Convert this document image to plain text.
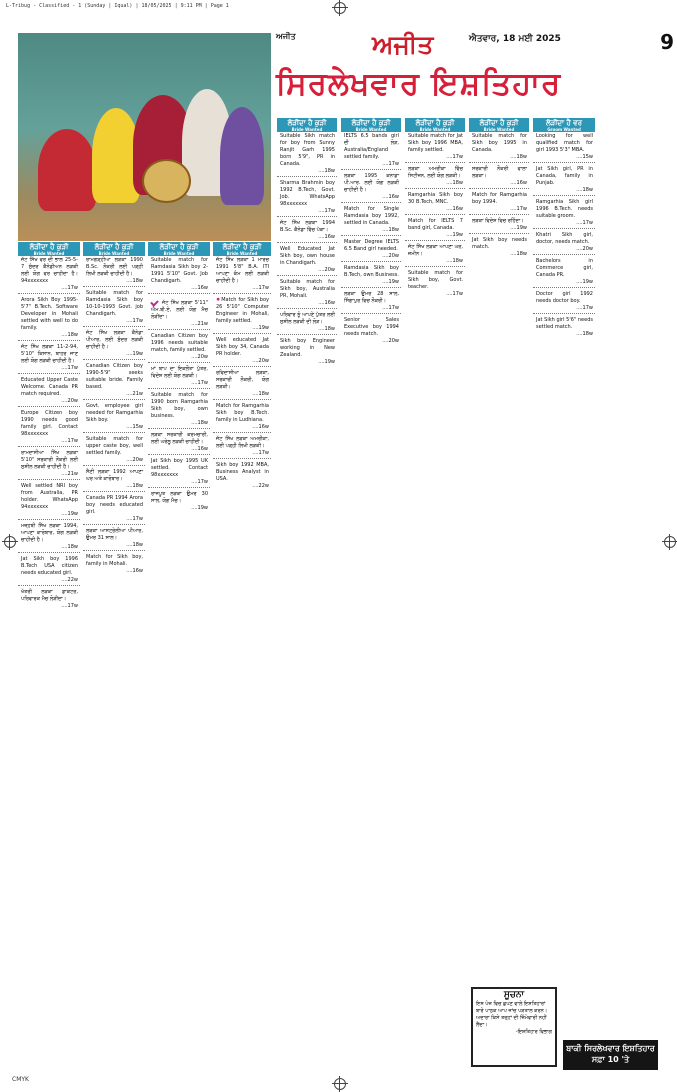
L-Tribug - Classified - 1 (Sunday | Iqual) | 18/05/2025 | 9:11 PM | Page 1
ਅਜੀਤ	ਅਜੀਤ	ਐਤਵਾਰ, 18 ਮਈ 2025	9
ਸਿਰਲੇਖਵਾਰ ਇਸ਼ਤਿਹਾਰ
ਲੋੜੀਂਦਾ ਹੈ ਕੁੜੀ
Bride Wanted
ਜੱਟ ਸਿੱਖ ਵਰ ਦੀ ਭਾਲ 25-5-7 ਸੁੰਦਰ ਕੈਨੇਡੀਅਨ ਲੜਕੀ ਲਈ ਯੋਗ ਵਰ ਚਾਹੀਦਾ ਹੈ। 94xxxxxxx
....17w
Arora Sikh Boy 1995-5'7" B.Tech. Software Developer in Mohali settled with well to do family.
....18w
ਜੱਟ ਸਿੱਖ ਲੜਕਾ 11-2-94, 5'10" ਕਿਸਾਨ, ਬਾਹਰ ਜਾਣ ਲਈ ਯੋਗ ਲੜਕੀ ਚਾਹੀਦੀ ਹੈ।
....17w
Educated Upper Caste Welcome. Canada PR match required.
....20w
Europe Citizen boy 1990 needs good family girl. Contact 98xxxxxxx
....17w
ਰਾਮਦਾਸੀਆ ਸਿੱਖ ਲੜਕਾ 5'10" ਸਰਕਾਰੀ ਨੌਕਰੀ ਲਈ ਸੁਸ਼ੀਲ ਲੜਕੀ ਚਾਹੀਦੀ ਹੈ।
....21w
Well settled NRI boy from Australia, PR holder. WhatsApp 94xxxxxxx
....19w
ਮਜ਼੍ਹਬੀ ਸਿੱਖ ਲੜਕਾ 1994, ਆਪਣਾ ਕਾਰੋਬਾਰ, ਯੋਗ ਲੜਕੀ ਚਾਹੀਦੀ ਹੈ।
....18w
Jat Sikh boy 1996 B.Tech USA citizen needs educated girl.
....22w
ਖੱਤਰੀ ਲੜਕਾ ਡਾਕਟਰ, ਪਰਿਵਾਰਕ ਮੈਚ ਲੋੜੀਂਦਾ।
....17w
ਲੋੜੀਂਦਾ ਹੈ ਕੁੜੀ
Bride Wanted
ਰਾਮਗੜ੍ਹੀਆ ਲੜਕਾ 1990 B.Sc. ਨੌਕਰੀ ਲਈ ਪੜ੍ਹੀ ਲਿਖੀ ਲੜਕੀ ਚਾਹੀਦੀ ਹੈ।
....18w
Suitable match for Ramdasia Sikh boy 10-10-1993 Govt. job Chandigarh.
....17w
ਜੱਟ ਸਿੱਖ ਲੜਕਾ ਕੈਨੇਡਾ ਪੀਆਰ, ਲਈ ਸੁੰਦਰ ਲੜਕੀ ਚਾਹੀਦੀ ਹੈ।
....19w
Canadian Citizen boy 1990-5'9" seeks suitable bride. Family based.
....21w
Govt. employee girl needed for Ramgarhia Sikh boy.
....15w
Suitable match for upper caste boy, well settled family.
....20w
ਸੈਣੀ ਲੜਕਾ 1992 ਆਪਣਾ ਘਰ ਅਤੇ ਕਾਰੋਬਾਰ।
....18w
Canada PR 1994 Arora boy needs educated girl.
....17w
ਲੜਕਾ ਆਸਟ੍ਰੇਲੀਆ ਪੀਆਰ, ਉਮਰ 31 ਸਾਲ।
....18w
Match for Sikh boy, family in Mohali.
....16w
ਲੋੜੀਂਦਾ ਹੈ ਕੁੜੀ
Bride Wanted
Suitable match for Ramdasia Sikh boy 2-1991 5'10" Govt. Job Chandigarh.
....16w
ਜੱਟ ਸਿੱਖ ਲੜਕਾ 5'11" ਐਮ.ਬੀ.ਏ, ਲਈ ਯੋਗ ਮੈਚ ਲੋੜੀਂਦਾ।
....21w
Canadian Citizen boy 1996 needs suitable match, family settled.
....20w
ਮਾਂ ਬਾਪ ਦਾ ਇਕਲੌਤਾ ਪੁੱਤਰ, ਵਿਦੇਸ਼ ਲਈ ਯੋਗ ਲੜਕੀ।
....17w
Suitable match for 1990 born Ramgarhia Sikh boy, own business.
....18w
ਲੜਕਾ ਸਰਕਾਰੀ ਕਰਮਚਾਰੀ, ਲਈ ਘਰੇਲੂ ਲੜਕੀ ਚਾਹੀਦੀ।
....16w
Jat Sikh boy 1995 UK settled. Contact 98xxxxxxx
....17w
ਰਾਜਪੂਤ ਲੜਕਾ ਉਮਰ 30 ਸਾਲ, ਯੋਗ ਮੈਚ।
....19w
ਲੋੜੀਂਦਾ ਹੈ ਕੁੜੀ
Bride Wanted
ਜੱਟ ਸਿੱਖ ਲੜਕਾ 1 ਮਾਰਚ 1991 5'8" B.A. ITI ਆਪਣਾ ਕੰਮ ਲਈ ਲੜਕੀ ਚਾਹੀਦੀ ਹੈ।
....17w
✸Match for Sikh boy 26 5'10" Computer Engineer in Mohali, family settled.
....19w
Well educated Jat Sikh boy 34, Canada PR holder.
....20w
ਰਵਿਦਾਸੀਆ ਲੜਕਾ, ਸਰਕਾਰੀ ਨੌਕਰੀ, ਯੋਗ ਲੜਕੀ।
....18w
Match for Ramgarhia Sikh boy B.Tech. family in Ludhiana.
....16w
ਜੱਟ ਸਿੱਖ ਲੜਕਾ ਅਮਰੀਕਾ, ਲਈ ਪੜ੍ਹੀ ਲਿਖੀ ਲੜਕੀ।
....17w
Sikh boy 1992 MBA, Business Analyst in USA.
....22w
ਲੋੜੀਂਦਾ ਹੈ ਕੁੜੀ
Bride Wanted
Suitable Sikh match for boy from Sunny Ranjit Garh 1995 born 5'9", PR in Canada.
....18w
Sharma Brahmin boy 1992 B.Tech, Govt. Job. WhatsApp 98xxxxxxx
....17w
ਜੱਟ ਸਿੱਖ ਲੜਕਾ 1994 B.Sc. ਕੈਨੇਡਾ ਵਿੱਚ ਪੱਕਾ।
....16w
Well Educated Jat Sikh boy, own house in Chandigarh.
....20w
Suitable match for Sikh boy, Australia PR, Mohali.
....16w
ਪਰਿਵਾਰ ਨੂੰ ਆਪਣੇ ਪੁੱਤਰ ਲਈ ਸੁਸ਼ੀਲ ਲੜਕੀ ਦੀ ਲੋੜ।
....18w
Sikh boy Engineer working in New Zealand.
....19w
ਲੋੜੀਂਦਾ ਹੈ ਕੁੜੀ
Bride Wanted
IELTS 6.5 bands girl ਦੀ ਲੋੜ, Australia/England settled family.
....17w
ਲੜਕਾ 1995 ਕਨਾਡਾ ਪੀ.ਆਰ. ਲਈ ਯੋਗ ਲੜਕੀ ਚਾਹੀਦੀ ਹੈ।
....16w
Match for Single Ramdasia boy 1992, settled in Canada.
....18w
Master Degree IELTS 6.5 Band girl needed.
....20w
Ramdasia Sikh boy B.Tech, own Business.
....19w
ਲੜਕਾ ਉਮਰ 28 ਸਾਲ, ਸਿੰਗਾਪੁਰ ਵਿਚ ਨੌਕਰੀ।
....17w
Senior Sales Executive boy 1994 needs match.
....20w
ਲੋੜੀਂਦਾ ਹੈ ਕੁੜੀ
Bride Wanted
Suitable match for Jat Sikh boy 1996 MBA, family settled.
....17w
ਲੜਕਾ ਅਮਰੀਕਾ ਵਿੱਚ ਸਿਟੀਜ਼ਨ, ਲਈ ਯੋਗ ਲੜਕੀ।
....18w
Ramgarhia Sikh boy 30 B.Tech, MNC.
....16w
Match for IELTS 7 band girl, Canada.
....19w
ਜੱਟ ਸਿੱਖ ਲੜਕਾ ਆਪਣਾ ਘਰ, ਜ਼ਮੀਨ।
....18w
Suitable match for Sikh boy, Govt. teacher.
....17w
ਲੋੜੀਂਦਾ ਹੈ ਕੁੜੀ
Bride Wanted
Suitable match for Sikh boy 1995 in Canada.
....18w
ਸਰਕਾਰੀ ਨੌਕਰੀ ਵਾਲਾ ਲੜਕਾ।
....16w
Match for Ramgarhia boy 1994.
....17w
ਲੜਕਾ ਵਿਦੇਸ਼ ਵਿਚ ਰਹਿੰਦਾ।
....19w
Jat Sikh boy needs match.
....18w
ਲੋੜੀਂਦਾ ਹੈ ਵਰ
Groom Wanted
Looking for well qualified match for girl 1993 5'3" MBA.
....15w
Jat Sikh girl, PR in Canada, family in Punjab.
....18w
Ramgarhia Sikh girl 1996 B.Tech. needs suitable groom.
....17w
Khatri Sikh girl, doctor, needs match.
....20w
Bachelors in Commerce girl, Canada PR.
....19w
Doctor girl 1992 needs doctor boy.
....17w
Jat Sikh girl 5'6" needs settled match.
....18w
ਸੂਚਨਾ
ਇਸ ਪੇਜ਼ ਵਿਚ ਛਪਣ ਵਾਲੇ ਇਸ਼ਤਿਹਾਰਾਂ ਬਾਰੇ ਪਾਠਕ ਆਪ ਜਾਂਚ ਪੜਤਾਲ ਕਰਨ। ਅਦਾਰਾ ਕਿਸੇ ਤਰ੍ਹਾਂ ਦੀ ਜ਼ਿੰਮੇਵਾਰੀ ਨਹੀਂ ਲੈਂਦਾ।
-ਇਸ਼ਤਿਹਾਰ ਵਿਭਾਗ
ਬਾਕੀ ਸਿਰਲੇਖਵਾਰ ਇਸ਼ਤਿਹਾਰ ਸਫ਼ਾ 10 'ਤੇ
CMYK
